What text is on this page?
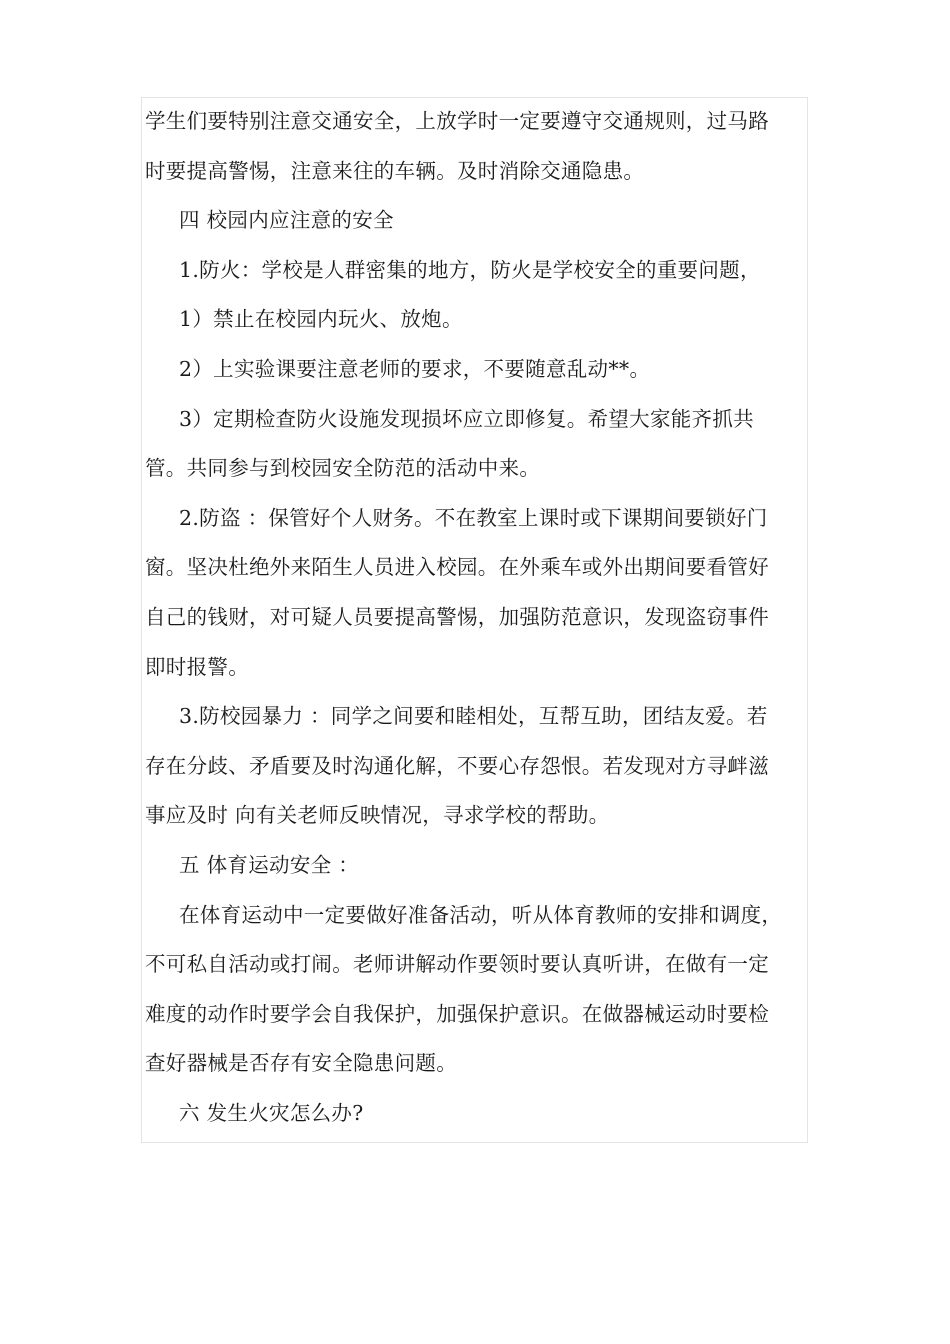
学生们要特别注意交通安全，上放学时一定要遵守交通规则，过马路
时要提高警惕，注意来往的车辆。及时消除交通隐患。
四 校园内应注意的安全
1.防火：学校是人群密集的地方，防火是学校安全的重要问题，
1）禁止在校园内玩火、放炮。
2）上实验课要注意老师的要求，不要随意乱动**。
3）定期检查防火设施发现损坏应立即修复。希望大家能齐抓共
管。共同参与到校园安全防范的活动中来。
2.防盗 ：保管好个人财务。不在教室上课时或下课期间要锁好门
窗。坚决杜绝外来陌生人员进入校园。在外乘车或外出期间要看管好
自己的钱财，对可疑人员要提高警惕，加强防范意识，发现盗窃事件
即时报警。
3.防校园暴力 ：同学之间要和睦相处，互帮互助，团结友爱。若
存在分歧、矛盾要及时沟通化解，不要心存怨恨。若发现对方寻衅滋
事应及时 向有关老师反映情况，寻求学校的帮助。
五 体育运动安全 ：
在体育运动中一定要做好准备活动，听从体育教师的安排和调度，
不可私自活动或打闹。老师讲解动作要领时要认真听讲，在做有一定
难度的动作时要学会自我保护，加强保护意识。在做器械运动时要检
查好器械是否存有安全隐患问题。
六 发生火灾怎么办?
